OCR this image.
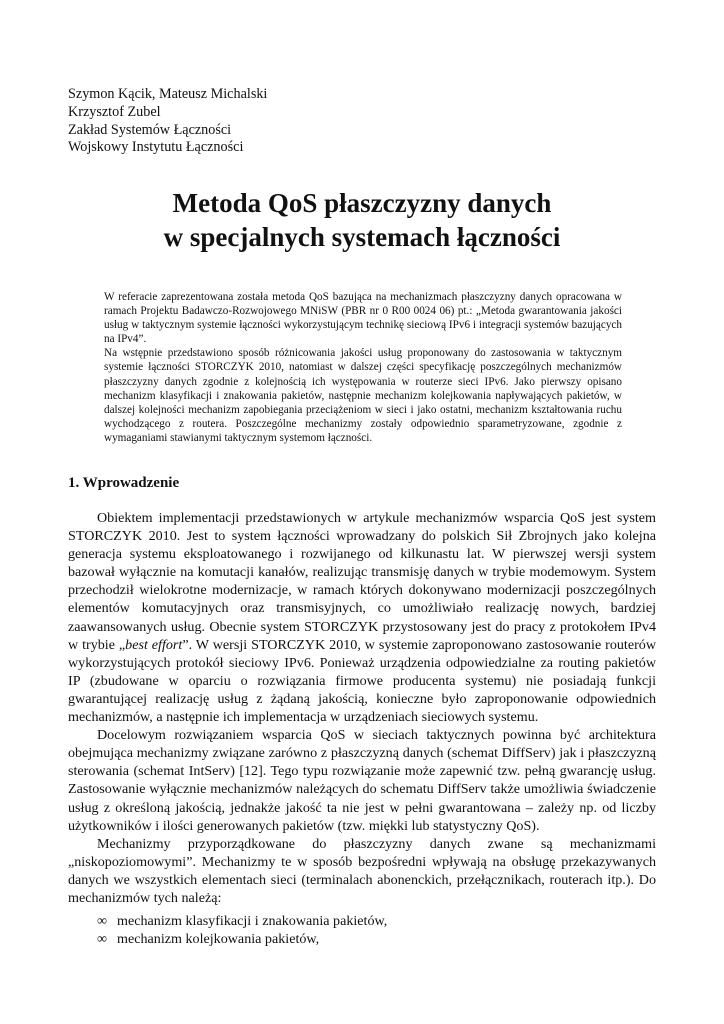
Szymon Kącik, Mateusz Michalski
Krzysztof Zubel
Zakład Systemów Łączności
Wojskowy Instytutu Łączności
Metoda QoS płaszczyzny danych
w specjalnych systemach łączności

W referacie zaprezentowana została metoda QoS bazująca na mechanizmach płaszczyzny danych opracowana w ramach Projektu Badawczo-Rozwojowego MNiSW (PBR nr 0 R00 0024 06) pt.: „Metoda gwarantowania jakości usług w taktycznym systemie łączności wykorzystującym technikę sieciową IPv6 i integracji systemów bazujących na IPv4”.

Na wstępnie przedstawiono sposób różnicowania jakości usług proponowany do zastosowania w taktycznym systemie łączności STORCZYK 2010, natomiast w dalszej części specyfikację poszczególnych mechanizmów płaszczyzny danych zgodnie z kolejnością ich występowania w routerze sieci IPv6. Jako pierwszy opisano mechanizm klasyfikacji i znakowania pakietów, następnie mechanizm kolejkowania napływających pakietów, w dalszej kolejności mechanizm zapobiegania przeciążeniom w sieci i jako ostatni, mechanizm kształtowania ruchu wychodzącego z routera. Poszczególne mechanizmy zostały odpowiednio sparametryzowane, zgodnie z wymaganiami stawianymi taktycznym systemom łączności.

1. Wprowadzenie

Obiektem implementacji przedstawionych w artykule mechanizmów wsparcia QoS jest system STORCZYK 2010. Jest to system łączności wprowadzany do polskich Sił Zbrojnych jako kolejna generacja systemu eksploatowanego i rozwijanego od kilkunastu lat. W pierwszej wersji system bazował wyłącznie na komutacji kanałów, realizując transmisję danych w trybie modemowym. System przechodził wielokrotne modernizacje, w ramach których dokonywano modernizacji poszczególnych elementów komutacyjnych oraz transmisyjnych, co umożliwiało realizację nowych, bardziej zaawansowanych usług. Obecnie system STORCZYK przystosowany jest do pracy z protokołem IPv4 w trybie „best effort”. W wersji STORCZYK 2010, w systemie zaproponowano zastosowanie routerów wykorzystujących protokół sieciowy IPv6. Ponieważ urządzenia odpowiedzialne za routing pakietów IP (zbudowane w oparciu o rozwiązania firmowe producenta systemu) nie posiadają funkcji gwarantującej realizację usług z żądaną jakością, konieczne było zaproponowanie odpowiednich mechanizmów, a następnie ich implementacja w urządzeniach sieciowych systemu.

Docelowym rozwiązaniem wsparcia QoS w sieciach taktycznych powinna być architektura obejmująca mechanizmy związane zarówno z płaszczyzną danych (schemat DiffServ) jak i płaszczyzną sterowania (schemat IntServ) [12]. Tego typu rozwiązanie może zapewnić tzw. pełną gwarancję usług. Zastosowanie wyłącznie mechanizmów należących do schematu DiffServ także umożliwia świadczenie usług z określoną jakością, jednakże jakość ta nie jest w pełni gwarantowana – zależy np. od liczby użytkowników i ilości generowanych pakietów (tzw. miękki lub statystyczny QoS).

Mechanizmy przyporządkowane do płaszczyzny danych zwane są mechanizmami „niskopoziomowymi”. Mechanizmy te w sposób bezpośredni wpływają na obsługę przekazywanych danych we wszystkich elementach sieci (terminalach abonenckich, przełącznikach, routerach itp.). Do mechanizmów tych należą:

∞ mechanizm klasyfikacji i znakowania pakietów,
∞ mechanizm kolejkowania pakietów,
